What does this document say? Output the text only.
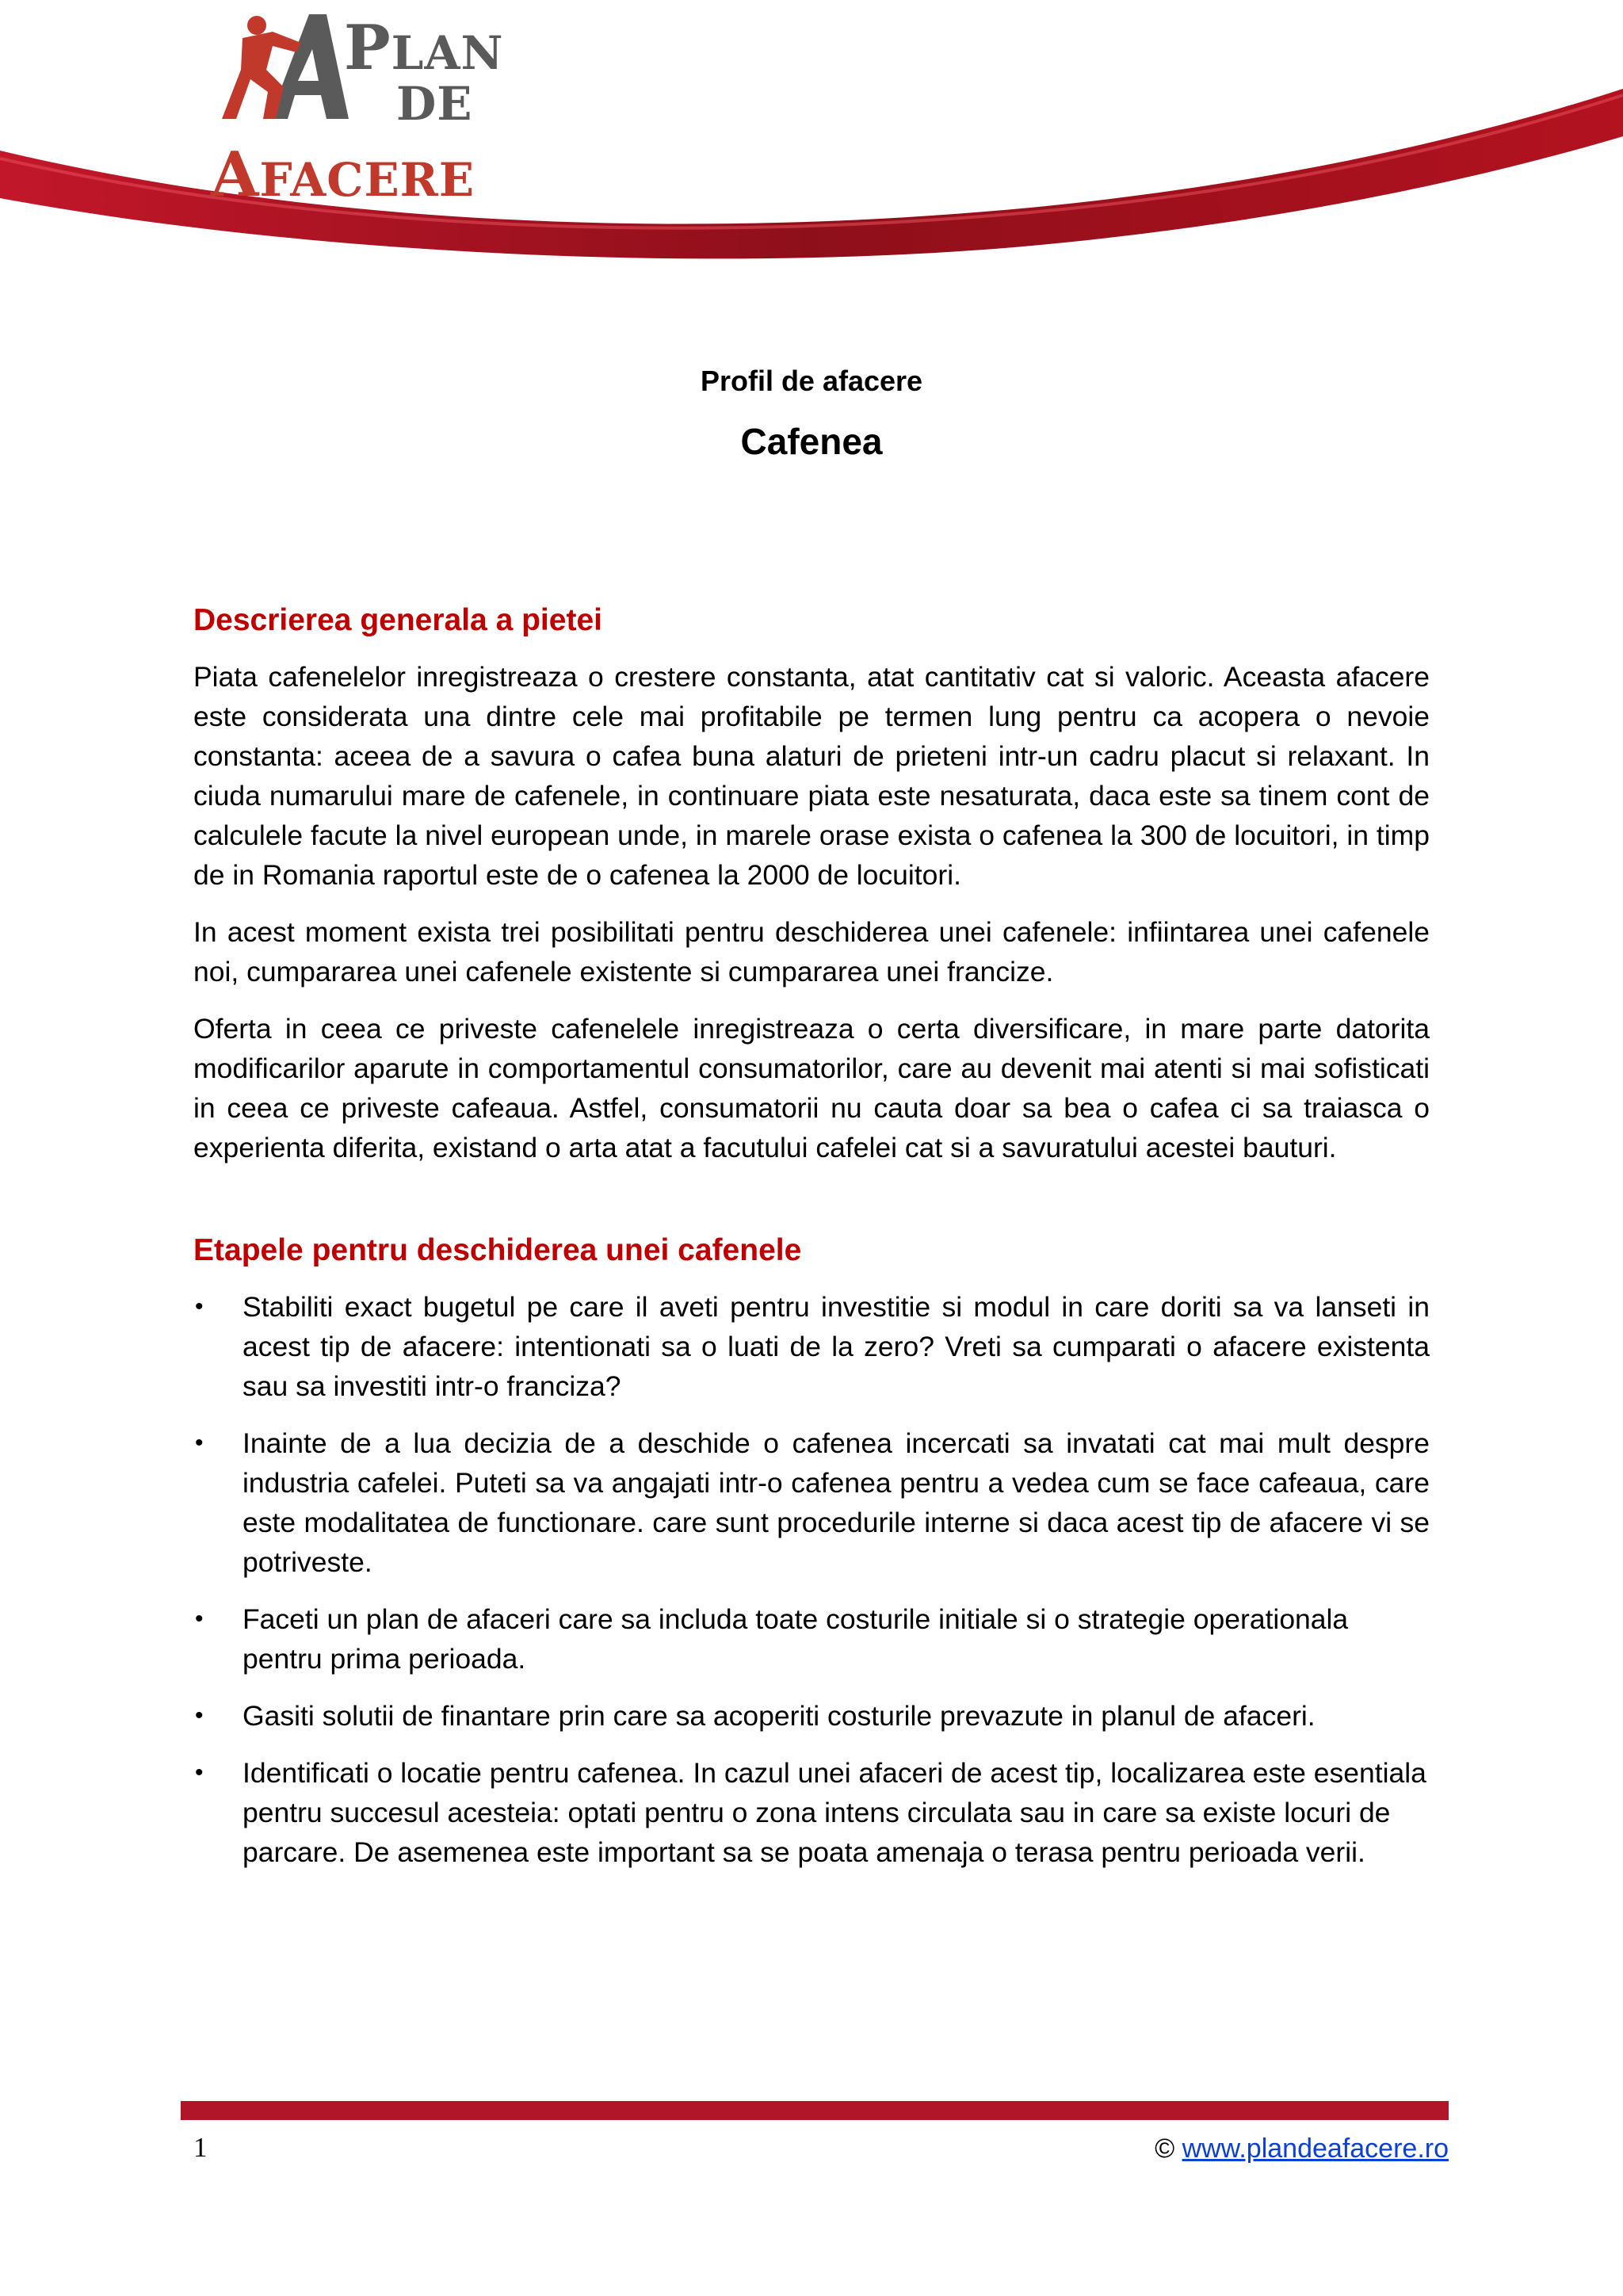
PLAN
DE
AFACERE
Profil de afacere
Cafenea
Descrierea generala a pietei

Piata cafenelelor inregistreaza o crestere constanta, atat cantitativ cat si valoric. Aceasta afacere este considerata una dintre cele mai profitabile pe termen lung pentru ca acopera o nevoie constanta: aceea de a savura o cafea buna alaturi de prieteni intr-un cadru placut si relaxant. In ciuda numarului mare de cafenele, in continuare piata este nesaturata, daca este sa tinem cont de calculele facute la nivel european unde, in marele orase exista o cafenea la 300 de locuitori, in timp de in Romania raportul este de o cafenea la 2000 de locuitori.

In acest moment exista trei posibilitati pentru deschiderea unei cafenele: infiintarea unei cafenele noi, cumpararea unei cafenele existente si cumpararea unei francize.

Oferta in ceea ce priveste cafenelele inregistreaza o certa diversificare, in mare parte datorita modificarilor aparute in comportamentul consumatorilor, care au devenit mai atenti si mai sofisticati in ceea ce priveste cafeaua. Astfel, consumatorii nu cauta doar sa bea o cafea ci sa traiasca o experienta diferita, existand o arta atat a facutului cafelei cat si a savuratului acestei bauturi.

Etapele pentru deschiderea unei cafenele
• Stabiliti exact bugetul pe care il aveti pentru investitie si modul in care doriti sa va lanseti in acest tip de afacere: intentionati sa o luati de la zero? Vreti sa cumparati o afacere existenta sau sa investiti intr-o franciza?
• Inainte de a lua decizia de a deschide o cafenea incercati sa invatati cat mai mult despre industria cafelei. Puteti sa va angajati intr-o cafenea pentru a vedea cum se face cafeaua, care este modalitatea de functionare. care sunt procedurile interne si daca acest tip de afacere vi se potriveste.
• Faceti un plan de afaceri care sa includa toate costurile initiale si o strategie operationala pentru prima perioada.
• Gasiti solutii de finantare prin care sa acoperiti costurile prevazute in planul de afaceri.
• Identificati o locatie pentru cafenea. In cazul unei afaceri de acest tip, localizarea este esentiala pentru succesul acesteia: optati pentru o zona intens circulata sau in care sa existe locuri de parcare. De asemenea este important sa se poata amenaja o terasa pentru perioada verii.
1	© www.plandeafacere.ro
